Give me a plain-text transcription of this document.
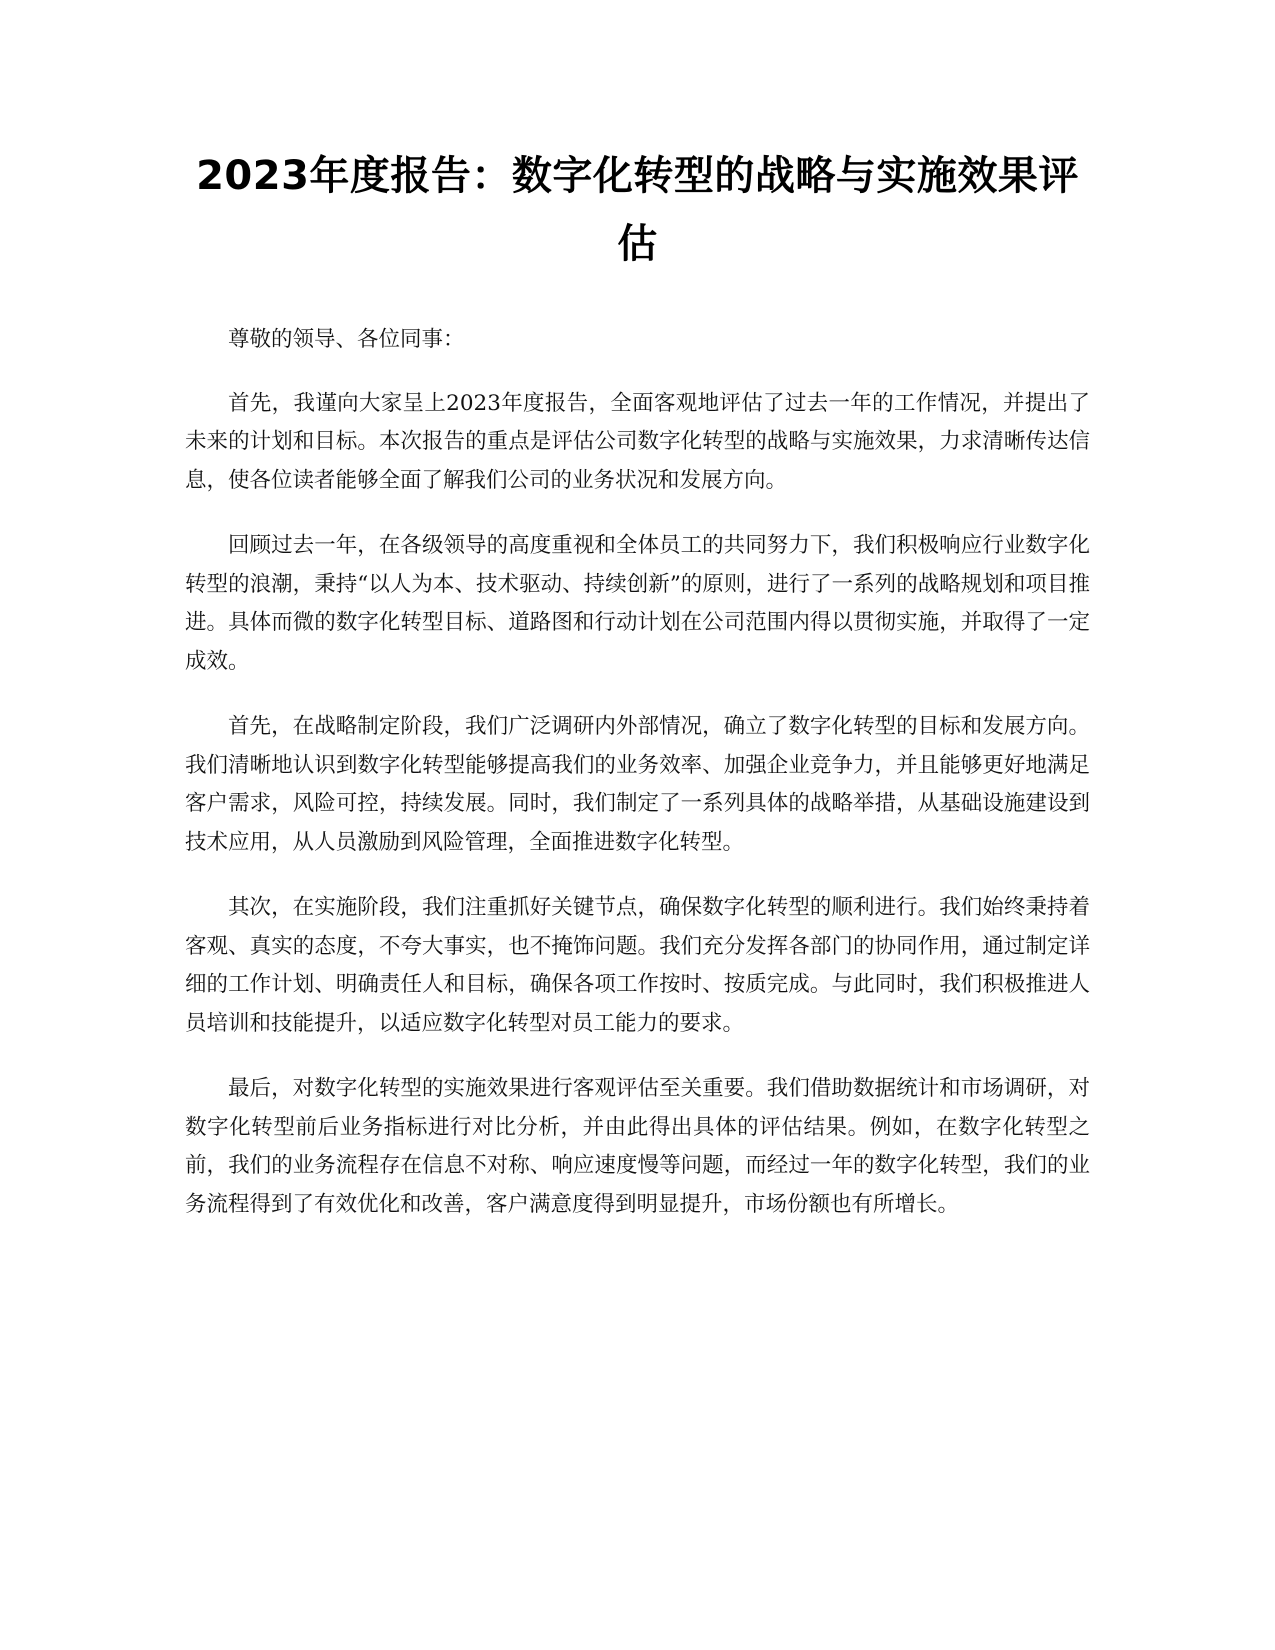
2023年度报告：数字化转型的战略与实施效果评估

尊敬的领导、各位同事：

首先，我谨向大家呈上2023年度报告，全面客观地评估了过去一年的工作情况，并提出了未来的计划和目标。本次报告的重点是评估公司数字化转型的战略与实施效果，力求清晰传达信息，使各位读者能够全面了解我们公司的业务状况和发展方向。

回顾过去一年，在各级领导的高度重视和全体员工的共同努力下，我们积极响应行业数字化转型的浪潮，秉持“以人为本、技术驱动、持续创新”的原则，进行了一系列的战略规划和项目推进。具体而微的数字化转型目标、道路图和行动计划在公司范围内得以贯彻实施，并取得了一定成效。

首先，在战略制定阶段，我们广泛调研内外部情况，确立了数字化转型的目标和发展方向。我们清晰地认识到数字化转型能够提高我们的业务效率、加强企业竞争力，并且能够更好地满足客户需求，风险可控，持续发展。同时，我们制定了一系列具体的战略举措，从基础设施建设到技术应用，从人员激励到风险管理，全面推进数字化转型。

其次，在实施阶段，我们注重抓好关键节点，确保数字化转型的顺利进行。我们始终秉持着客观、真实的态度，不夸大事实，也不掩饰问题。我们充分发挥各部门的协同作用，通过制定详细的工作计划、明确责任人和目标，确保各项工作按时、按质完成。与此同时，我们积极推进人员培训和技能提升，以适应数字化转型对员工能力的要求。

最后，对数字化转型的实施效果进行客观评估至关重要。我们借助数据统计和市场调研，对数字化转型前后业务指标进行对比分析，并由此得出具体的评估结果。例如，在数字化转型之前，我们的业务流程存在信息不对称、响应速度慢等问题，而经过一年的数字化转型，我们的业务流程得到了有效优化和改善，客户满意度得到明显提升，市场份额也有所增长。
